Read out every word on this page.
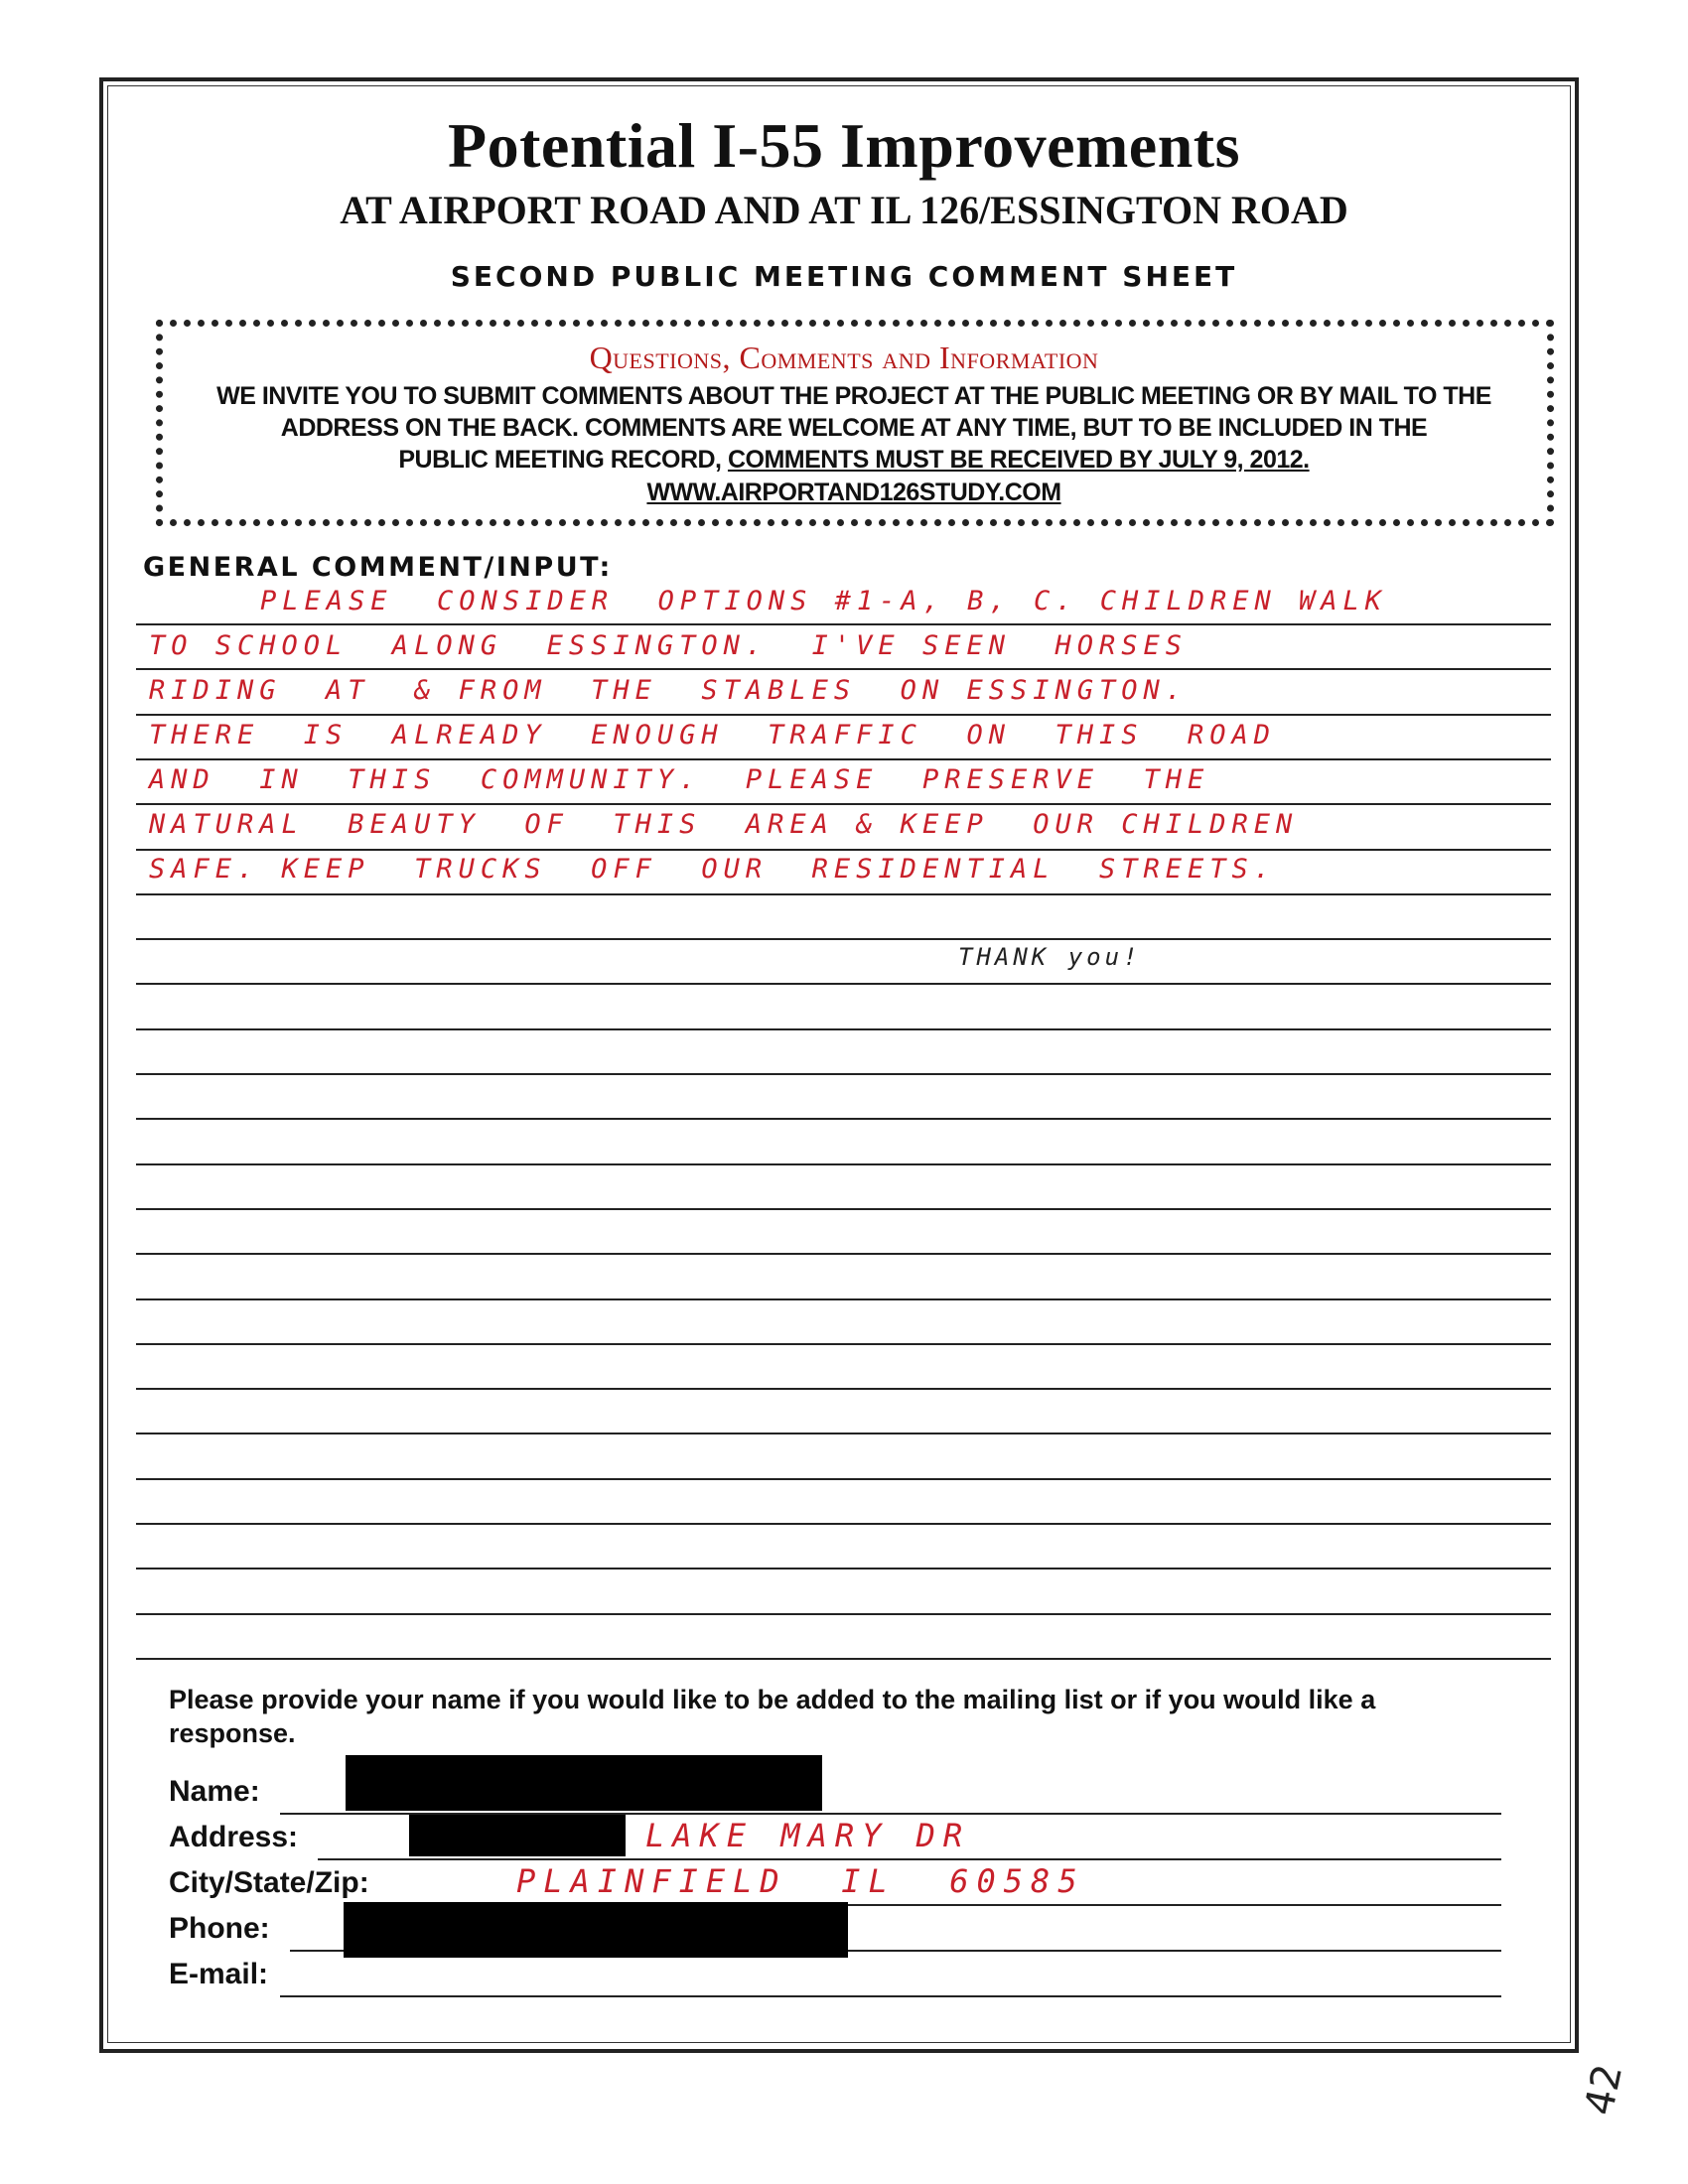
Potential I-55 Improvements
AT AIRPORT ROAD AND AT IL 126/ESSINGTON ROAD
SECOND PUBLIC MEETING COMMENT SHEET
Questions, Comments and Information
WE INVITE YOU TO SUBMIT COMMENTS ABOUT THE PROJECT AT THE PUBLIC MEETING OR BY MAIL TO THE
ADDRESS ON THE BACK. COMMENTS ARE WELCOME AT ANY TIME, BUT TO BE INCLUDED IN THE
PUBLIC MEETING RECORD, COMMENTS MUST BE RECEIVED BY JULY 9, 2012.
WWW.AIRPORTAND126STUDY.COM
GENERAL COMMENT/INPUT:
PLEASE  CONSIDER  OPTIONS #1-A, B, C. CHILDREN WALK
TO SCHOOL  ALONG  ESSINGTON.  I'VE SEEN  HORSES
RIDING  AT  & FROM  THE  STABLES  ON ESSINGTON.
THERE  IS  ALREADY  ENOUGH  TRAFFIC  ON  THIS  ROAD
AND  IN  THIS  COMMUNITY.  PLEASE  PRESERVE  THE
NATURAL  BEAUTY  OF  THIS  AREA & KEEP  OUR CHILDREN
SAFE. KEEP  TRUCKS  OFF  OUR  RESIDENTIAL  STREETS.
THANK you!
Please provide your name if you would like to be added to the mailing list or if you would like a response.
Name:
Address:	LAKE MARY DR
City/State/Zip:	PLAINFIELD  IL  60585
Phone:
E-mail:
42
